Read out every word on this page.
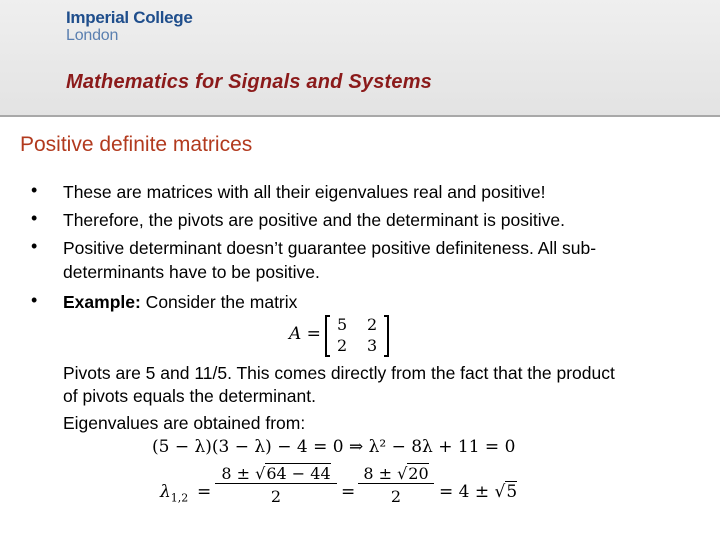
Imperial College
London
Mathematics for Signals and Systems
Positive definite matrices
• These are matrices with all their eigenvalues real and positive!
• Therefore, the pivots are positive and the determinant is positive.
• Positive determinant doesn’t guarantee positive definiteness. All sub-
determinants have to be positive.
• Example: Consider the matrix
A = 5 2
2 3
Pivots are 5 and 11/5. This comes directly from the fact that the product
of pivots equals the determinant.
Eigenvalues are obtained from:
(5 − λ)(3 − λ) − 4 = 0 ⇒ λ² − 8λ + 11 = 0
$\lambda_{1,2} = \frac{8 \pm √64 - 44}{2} = \frac{8 \pm √20}{2} = 4 \pm √5$
